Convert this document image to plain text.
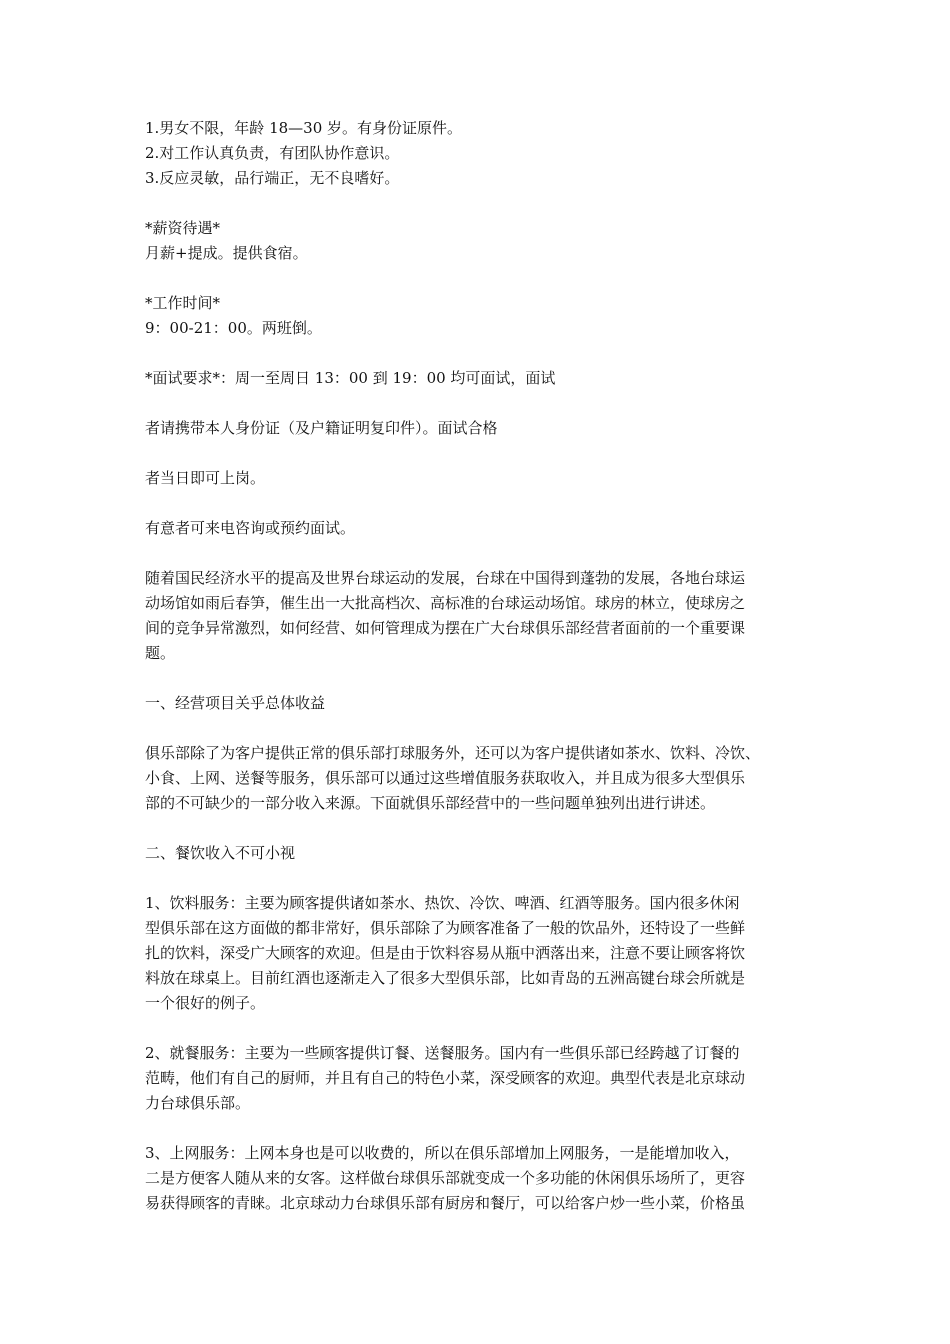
1.男女不限，年龄 18—30 岁。有身份证原件。
2.对工作认真负责，有团队协作意识。
3.反应灵敏，品行端正，无不良嗜好。
*薪资待遇*
月薪+提成。提供食宿。
*工作时间*
9：00-21：00。两班倒。
*面试要求*：周一至周日 13：00 到 19：00 均可面试，面试
者请携带本人身份证（及户籍证明复印件）。面试合格
者当日即可上岗。
有意者可来电咨询或预约面试。
随着国民经济水平的提高及世界台球运动的发展，台球在中国得到蓬勃的发展，各地台球运
动场馆如雨后春笋，催生出一大批高档次、高标准的台球运动场馆。球房的林立，使球房之
间的竞争异常激烈，如何经营、如何管理成为摆在广大台球俱乐部经营者面前的一个重要课
题。
一、经营项目关乎总体收益
俱乐部除了为客户提供正常的俱乐部打球服务外，还可以为客户提供诸如茶水、饮料、冷饮、
小食、上网、送餐等服务，俱乐部可以通过这些增值服务获取收入，并且成为很多大型俱乐
部的不可缺少的一部分收入来源。下面就俱乐部经营中的一些问题单独列出进行讲述。
二、餐饮收入不可小视
1、饮料服务：主要为顾客提供诸如茶水、热饮、冷饮、啤酒、红酒等服务。国内很多休闲
型俱乐部在这方面做的都非常好，俱乐部除了为顾客准备了一般的饮品外，还特设了一些鲜
扎的饮料，深受广大顾客的欢迎。但是由于饮料容易从瓶中洒落出来，注意不要让顾客将饮
料放在球桌上。目前红酒也逐渐走入了很多大型俱乐部，比如青岛的五洲高键台球会所就是
一个很好的例子。
2、就餐服务：主要为一些顾客提供订餐、送餐服务。国内有一些俱乐部已经跨越了订餐的
范畴，他们有自己的厨师，并且有自己的特色小菜，深受顾客的欢迎。典型代表是北京球动
力台球俱乐部。
3、上网服务：上网本身也是可以收费的，所以在俱乐部增加上网服务，一是能增加收入，
二是方便客人随从来的女客。这样做台球俱乐部就变成一个多功能的休闲俱乐场所了，更容
易获得顾客的青睐。北京球动力台球俱乐部有厨房和餐厅，可以给客户炒一些小菜，价格虽
